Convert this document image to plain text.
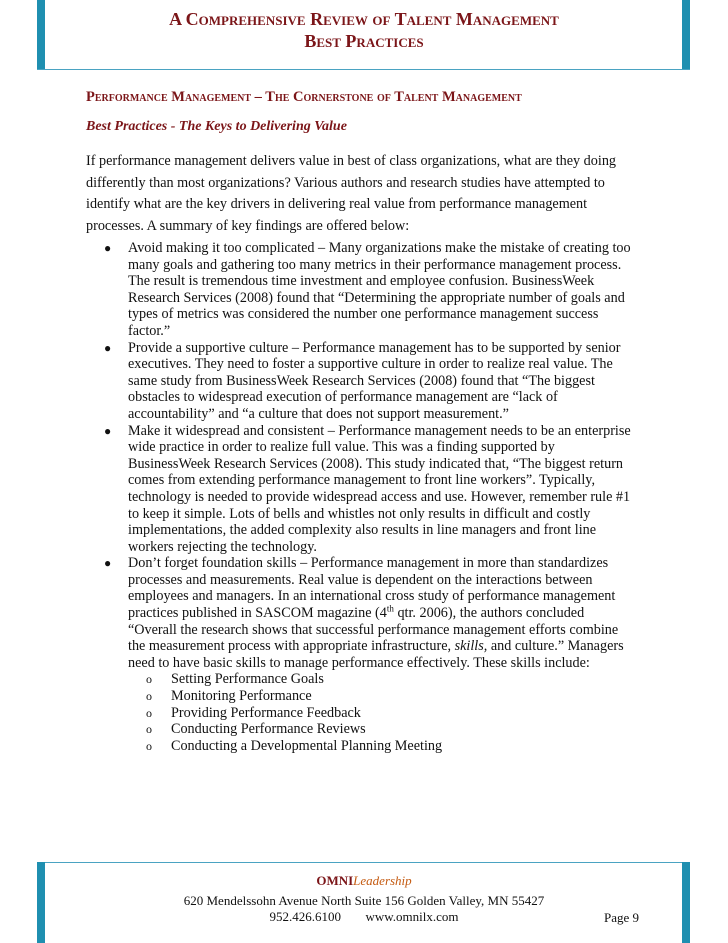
A Comprehensive Review of Talent Management
Best Practices
Performance Management – The Cornerstone of Talent Management
Best Practices - The Keys to Delivering Value
If performance management delivers value in best of class organizations, what are they doing
differently than most organizations? Various authors and research studies have attempted to
identify what are the key drivers in delivering real value from performance management
processes. A summary of key findings are offered below:
● Avoid making it too complicated – Many organizations make the mistake of creating too
many goals and gathering too many metrics in their performance management process.
The result is tremendous time investment and employee confusion. BusinessWeek
Research Services (2008) found that “Determining the appropriate number of goals and
types of metrics was considered the number one performance management success
factor.”
● Provide a supportive culture – Performance management has to be supported by senior
executives. They need to foster a supportive culture in order to realize real value. The
same study from BusinessWeek Research Services (2008) found that “The biggest
obstacles to widespread execution of performance management are “lack of
accountability” and “a culture that does not support measurement.”
● Make it widespread and consistent – Performance management needs to be an enterprise
wide practice in order to realize full value. This was a finding supported by
BusinessWeek Research Services (2008). This study indicated that, “The biggest return
comes from extending performance management to front line workers”. Typically,
technology is needed to provide widespread access and use. However, remember rule #1
to keep it simple. Lots of bells and whistles not only results in difficult and costly
implementations, the added complexity also results in line managers and front line
workers rejecting the technology.
● Don’t forget foundation skills – Performance management in more than standardizes
processes and measurements. Real value is dependent on the interactions between
employees and managers. In an international cross study of performance management
practices published in SASCOM magazine (4th qtr. 2006), the authors concluded
“Overall the research shows that successful performance management efforts combine
the measurement process with appropriate infrastructure, skills, and culture.” Managers
need to have basic skills to manage performance effectively. These skills include:
o Setting Performance Goals
o Monitoring Performance
o Providing Performance Feedback
o Conducting Performance Reviews
o Conducting a Developmental Planning Meeting
OMNILeadership
620 Mendelssohn Avenue North Suite 156 Golden Valley, MN 55427
952.426.6100 www.omnilx.com	Page 9
